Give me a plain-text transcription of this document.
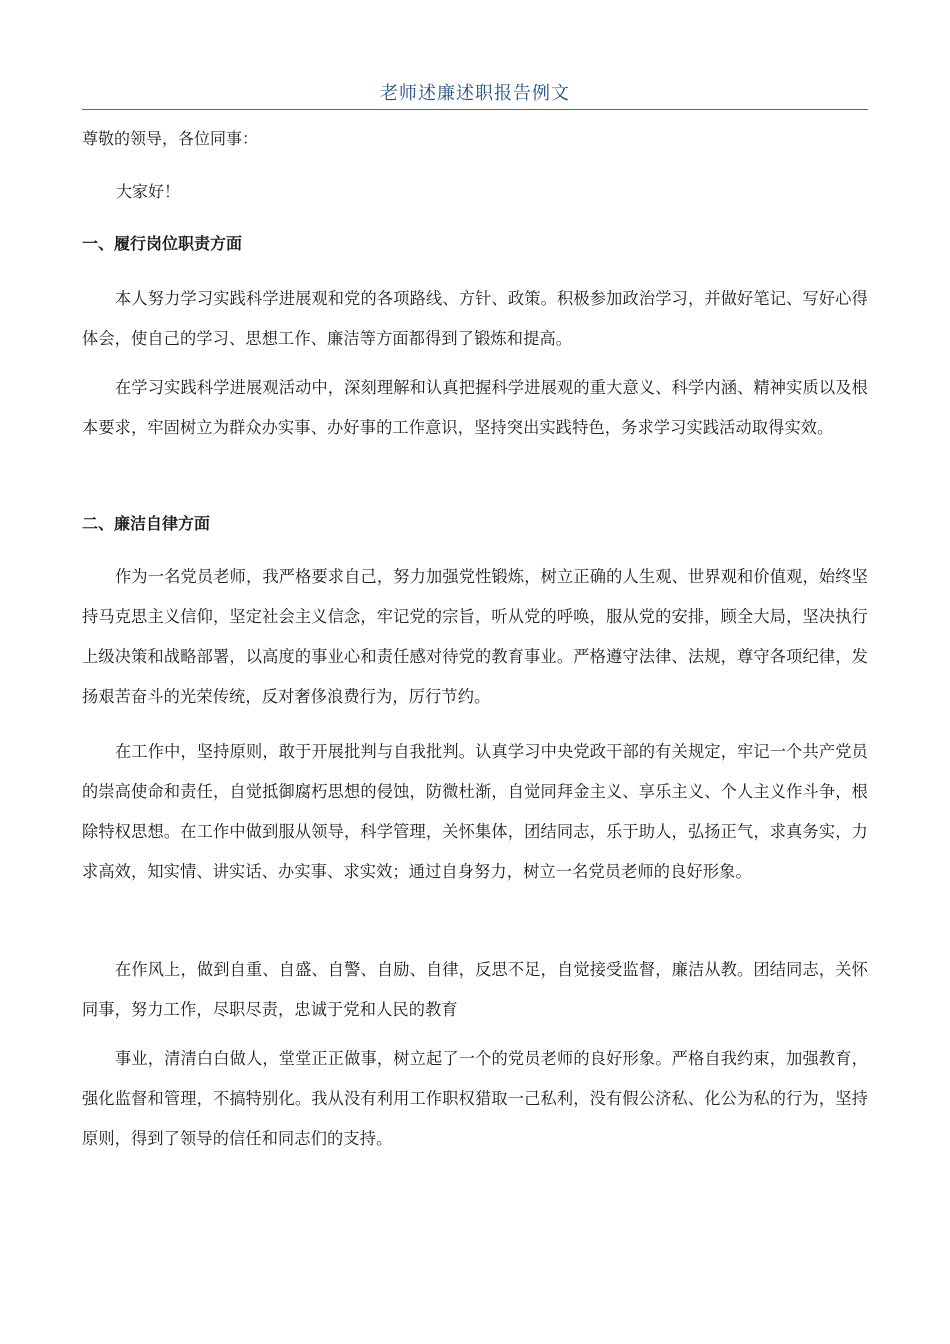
老师述廉述职报告例文
尊敬的领导，各位同事：
大家好！
一、履行岗位职责方面
本人努力学习实践科学进展观和党的各项路线、方针、政策。积极参加政治学习，并做好笔记、写好心得体会，使自己的学习、思想工作、廉洁等方面都得到了锻炼和提高。
在学习实践科学进展观活动中，深刻理解和认真把握科学进展观的重大意义、科学内涵、精神实质以及根本要求，牢固树立为群众办实事、办好事的工作意识，坚持突出实践特色，务求学习实践活动取得实效。
二、廉洁自律方面
作为一名党员老师，我严格要求自己，努力加强党性锻炼，树立正确的人生观、世界观和价值观，始终坚持马克思主义信仰，坚定社会主义信念，牢记党的宗旨，听从党的呼唤，服从党的安排，顾全大局，坚决执行上级决策和战略部署，以高度的事业心和责任感对待党的教育事业。严格遵守法律、法规，尊守各项纪律，发扬艰苦奋斗的光荣传统，反对奢侈浪费行为，厉行节约。
在工作中，坚持原则，敢于开展批判与自我批判。认真学习中央党政干部的有关规定，牢记一个共产党员的崇高使命和责任，自觉抵御腐朽思想的侵蚀，防微杜渐，自觉同拜金主义、享乐主义、个人主义作斗争，根除特权思想。在工作中做到服从领导，科学管理，关怀集体，团结同志，乐于助人，弘扬正气，求真务实，力求高效，知实情、讲实话、办实事、求实效；通过自身努力，树立一名党员老师的良好形象。
在作风上，做到自重、自盛、自警、自励、自律，反思不足，自觉接受监督，廉洁从教。团结同志，关怀同事，努力工作，尽职尽责，忠诚于党和人民的教育
事业，清清白白做人，堂堂正正做事，树立起了一个的党员老师的良好形象。严格自我约束，加强教育，强化监督和管理，不搞特别化。我从没有利用工作职权猎取一己私利，没有假公济私、化公为私的行为，坚持原则，得到了领导的信任和同志们的支持。
